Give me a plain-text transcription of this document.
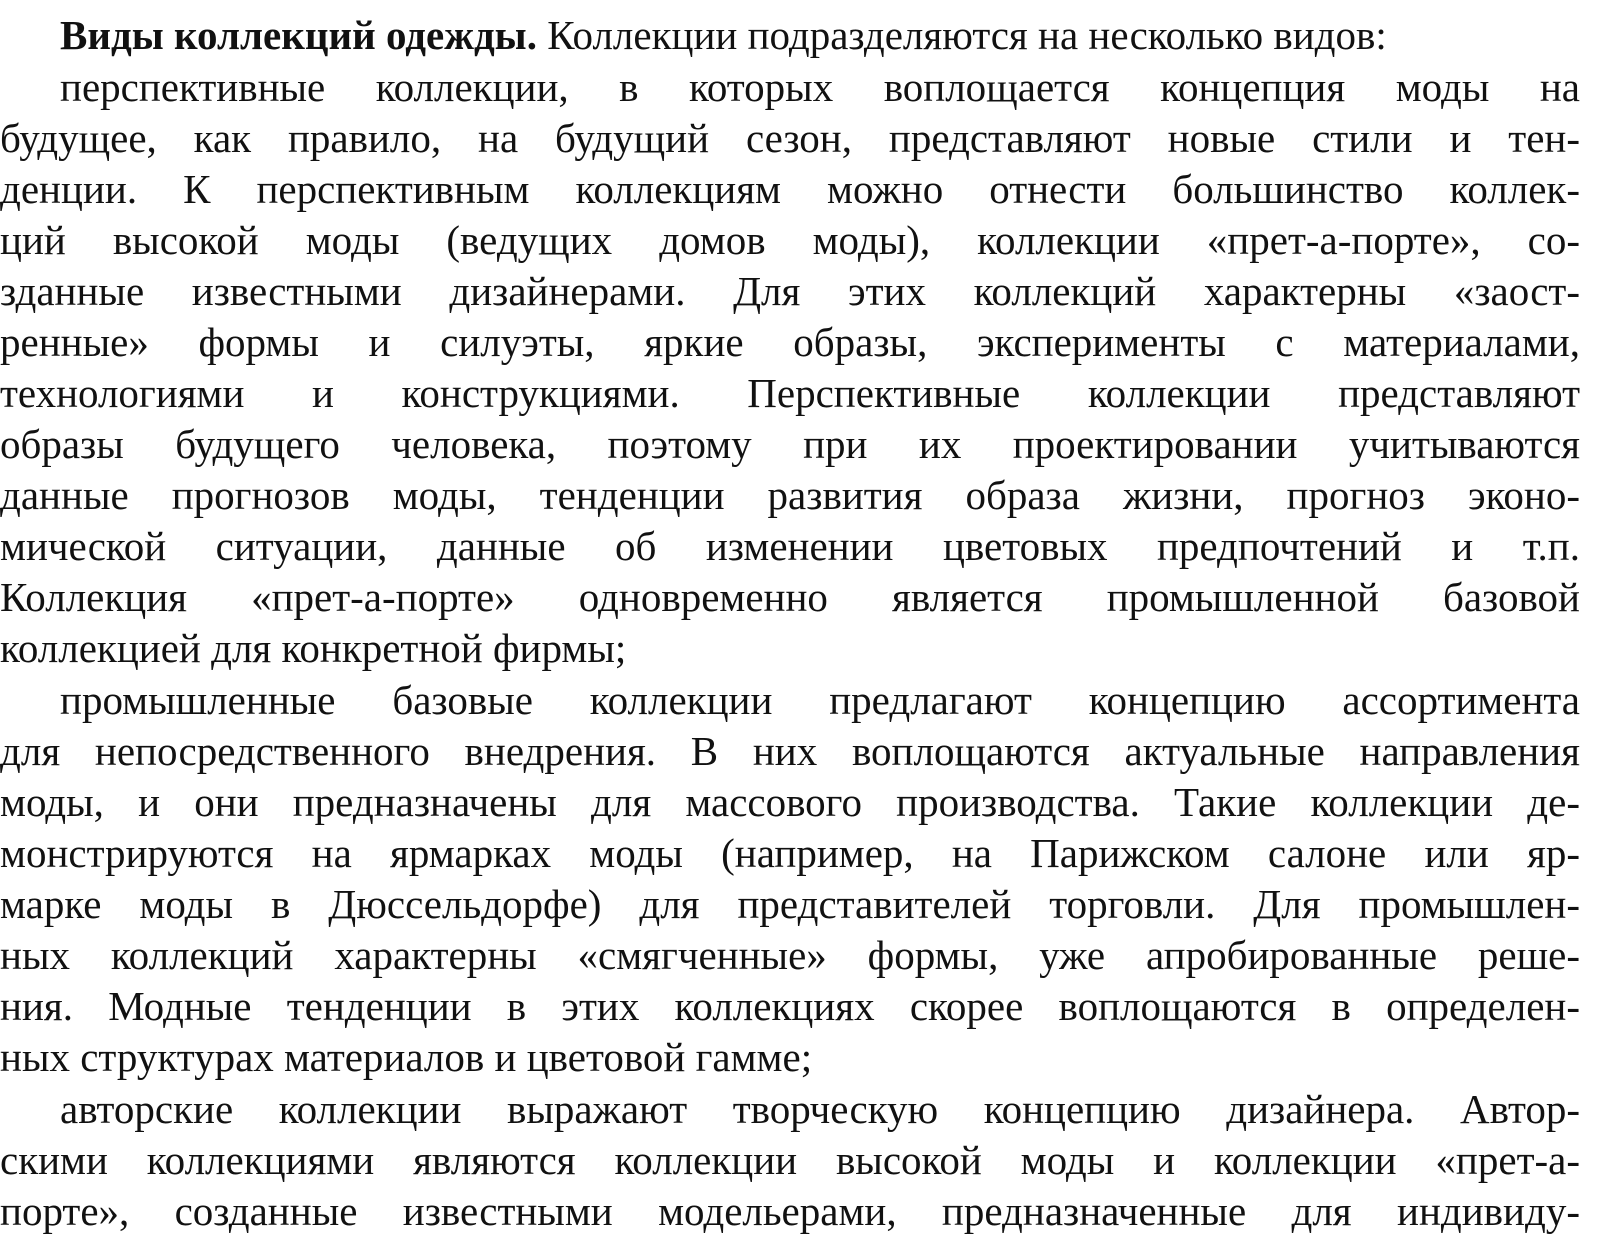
Виды коллекций одежды. Коллекции подразделяются на несколько видов:
перспективные коллекции, в которых воплощается концепция моды на
будущее, как правило, на будущий сезон, представляют новые стили и тен-
денции. К перспективным коллекциям можно отнести большинство коллек-
ций высокой моды (ведущих домов моды), коллекции «прет-а-порте», со-
зданные известными дизайнерами. Для этих коллекций характерны «заост-
ренные» формы и силуэты, яркие образы, эксперименты с материалами,
технологиями и конструкциями. Перспективные коллекции представляют
образы будущего человека, поэтому при их проектировании учитываются
данные прогнозов моды, тенденции развития образа жизни, прогноз эконо-
мической ситуации, данные об изменении цветовых предпочтений и т.п.
Коллекция «прет-а-порте» одновременно является промышленной базовой
коллекцией для конкретной фирмы;
промышленные базовые коллекции предлагают концепцию ассортимента
для непосредственного внедрения. В них воплощаются актуальные направления
моды, и они предназначены для массового производства. Такие коллекции де-
монстрируются на ярмарках моды (например, на Парижском салоне или яр-
марке моды в Дюссельдорфе) для представителей торговли. Для промышлен-
ных коллекций характерны «смягченные» формы, уже апробированные реше-
ния. Модные тенденции в этих коллекциях скорее воплощаются в определен-
ных структурах материалов и цветовой гамме;
авторские коллекции выражают творческую концепцию дизайнера. Автор-
скими коллекциями являются коллекции высокой моды и коллекции «прет-а-
порте», созданные известными модельерами, предназначенные для индивиду-
